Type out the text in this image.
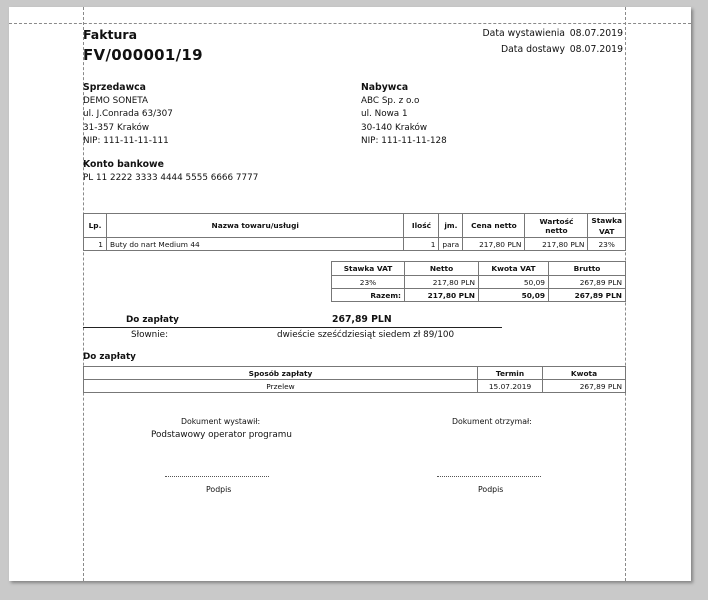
Faktura
FV/000001/19
Data wystawienia 08.07.2019
Data dostawy 08.07.2019
Sprzedawca
DEMO SONETA
ul. J.Conrada 63/307
31-357 Kraków
NIP: 111-11-11-111
Nabywca
ABC Sp. z o.o
ul. Nowa 1
30-140 Kraków
NIP: 111-11-11-128
Konto bankowe
PL 11 2222 3333 4444 5555 6666 7777
Lp.	Nazwa towaru/usługi	Ilość	jm.	Cena netto	Wartość netto	Stawka VAT
1	Buty do nart Medium 44	1	para	217,80 PLN	217,80 PLN	23%
Stawka VAT	Netto	Kwota VAT	Brutto
23%	217,80 PLN	50,09	267,89 PLN
Razem:	217,80 PLN	50,09	267,89 PLN
Do zapłaty	267,89 PLN
Słownie:	dwieście sześćdziesiąt siedem zł 89/100
Do zapłaty
Sposób zapłaty	Termin	Kwota
Przelew	15.07.2019	267,89 PLN
Dokument wystawił:
Podstawowy operator programu
Dokument otrzymał:
Podpis	Podpis
